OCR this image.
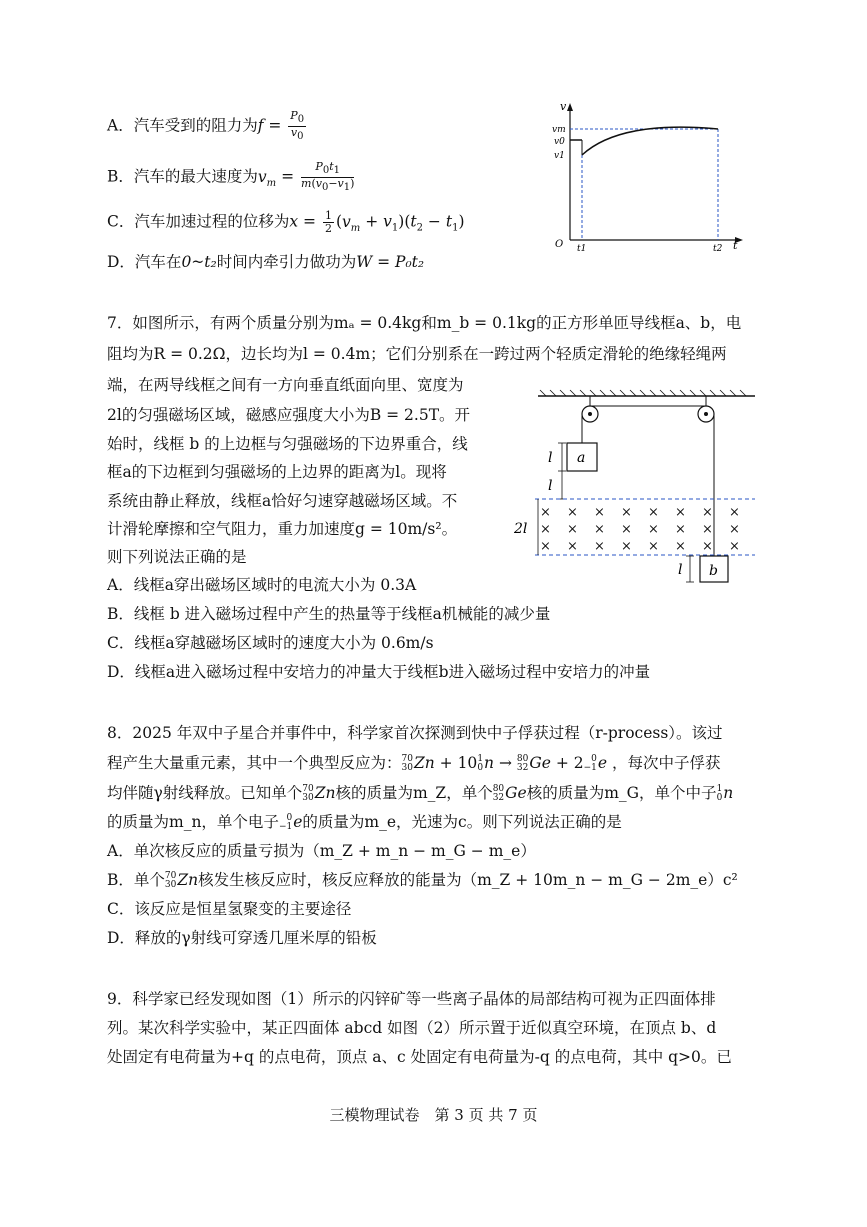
A．汽车受到的阻力为$f = \frac{P_0}{v_0}$
B．汽车的最大速度为$v_m = \frac{P_0t_1}{m(v_0-v_1)}$
C．汽车加速过程的位移为$x = \frac{1}{2} (v_m + v_1)(t_2 - t_1)$
D．汽车在0~t₂时间内牵引力做功为W = P₀t₂
v
vm
v0
v1
O t1	t2 t
7．如图所示，有两个质量分别为mₐ = 0.4kg和m_b = 0.1kg的正方形单匝导线框a、b，电
阻均为R = 0.2Ω，边长均为l = 0.4m；它们分别系在一跨过两个轻质定滑轮的绝缘轻绳两
端，在两导线框之间有一方向垂直纸面向里、宽度为
2l的匀强磁场区域，磁感应强度大小为B = 2.5T。开
始时，线框 b 的上边框与匀强磁场的下边界重合，线
框a的下边框到匀强磁场的上边界的距离为l。现将
系统由静止释放，线框a恰好匀速穿越磁场区域。不
计滑轮摩擦和空气阻力，重力加速度g = 10m/s²。
则下列说法正确的是
A．线框a穿出磁场区域时的电流大小为 0.3A
B．线框 b 进入磁场过程中产生的热量等于线框a机械能的减少量
C．线框a穿越磁场区域时的速度大小为 0.6m/s
D．线框a进入磁场过程中安培力的冲量大于线框b进入磁场过程中安培力的冲量
a
l
l
2l
× × × × × × × ×
× × × × × × × ×
× × × × × × × ×
b
l
8．2025 年双中子星合并事件中，科学家首次探测到快中子俘获过程（r-process）。该过
程产生大量重元素，其中一个典型反应为： 70
30 Zn + 10 1
0 n → 80
32 Ge + 2 0
−1 e ，每次中子俘获
均伴随γ射线释放。已知单个 70
30 Zn核的质量为m_Z，单个 80
32 Ge核的质量为m_G，单个中子 1
0 n
的质量为m_n，单个电子 0
−1 e的质量为m_e，光速为c。则下列说法正确的是
A．单次核反应的质量亏损为（m_Z + m_n − m_G − m_e）
B．单个 70
30 Zn核发生核反应时，核反应释放的能量为（m_Z + 10m_n − m_G − 2m_e）c²
C．该反应是恒星氢聚变的主要途径
D．释放的γ射线可穿透几厘米厚的铅板
9．科学家已经发现如图（1）所示的闪锌矿等一些离子晶体的局部结构可视为正四面体排
列。某次科学实验中，某正四面体 abcd 如图（2）所示置于近似真空环境，在顶点 b、d
处固定有电荷量为+q 的点电荷，顶点 a、c 处固定有电荷量为-q 的点电荷，其中 q>0。已
三模物理试卷　第 3 页 共 7 页
